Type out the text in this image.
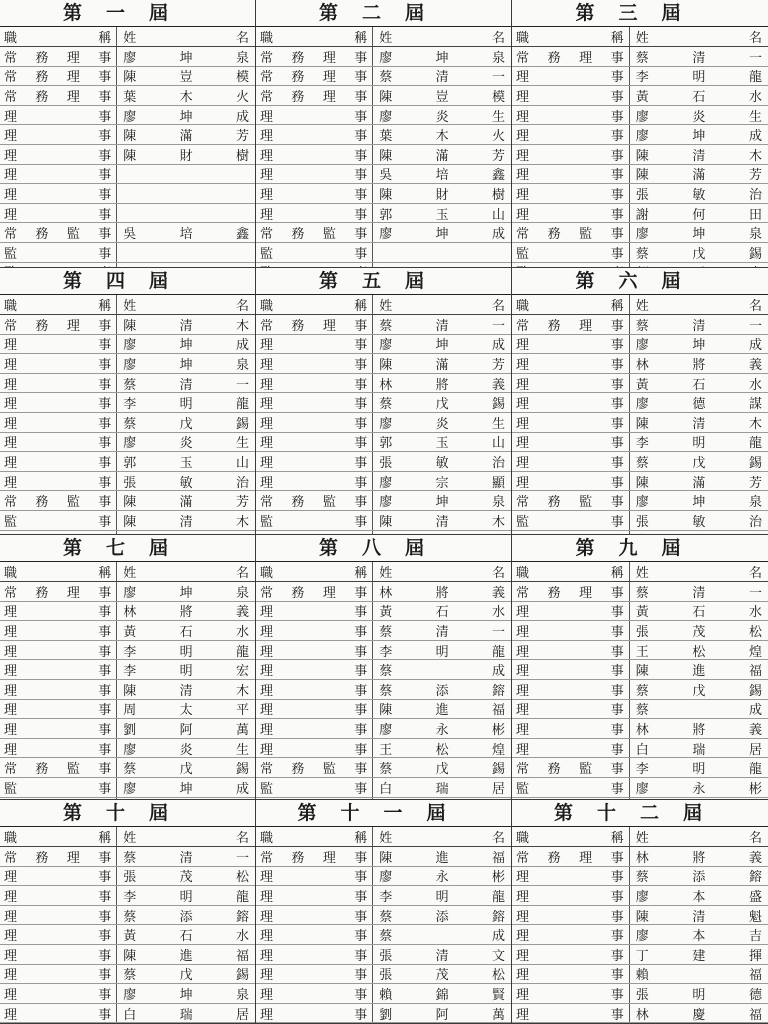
第一屆
職	稱 姓	名
常 務 理 事 廖	坤	泉
常 務 理 事 陳	豈	模
常 務 理 事 葉	木	火
理	事 廖	坤	成
理	事 陳	滿	芳
理	事 陳	財	樹
理	事
理	事
理	事
常 務 監 事 吳	培	鑫
監	事
第二屆
職	稱 姓	名
常 務 理 事 廖	坤	泉
常 務 理 事 蔡	清	一
常 務 理 事 陳	豈	模
理	事 廖	炎	生
理	事 葉	木	火
理	事 陳	滿	芳
理	事 吳	培	鑫
理	事 陳	財	樹
理	事 郭	玉	山
常 務 監 事 廖	坤	成
監	事
第三屆
職	稱 姓	名
常 務 理 事 蔡	清	一
理	事 李	明	龍
理	事 黃	石	水
理	事 廖	炎	生
理	事 廖	坤	成
理	事 陳	清	木
理	事 陳	滿	芳
理	事 張	敏	治
理	事 謝	何	田
常 務 監 事 廖	坤	泉
監	事 蔡	戊	錫
第四屆
職	稱 姓	名
常 務 理 事 陳	清	木
理	事 廖	坤	成
理	事 廖	坤	泉
理	事 蔡	清	一
理	事 李	明	龍
理	事 蔡	戊	錫
理	事 廖	炎	生
理	事 郭	玉	山
理	事 張	敏	治
常 務 監 事 陳	滿	芳
監	事 陳	清	木
第五屆
職	稱 姓	名
常 務 理 事 蔡	清	一
理	事 廖	坤	成
理	事 陳	滿	芳
理	事 林	將	義
理	事 蔡	戊	錫
理	事 廖	炎	生
理	事 郭	玉	山
理	事 張	敏	治
理	事 廖	宗	顯
常 務 監 事 廖	坤	泉
監	事 陳	清	木
第六屆
職	稱 姓	名
常 務 理 事 蔡	清	一
理	事 廖	坤	成
理	事 林	將	義
理	事 黃	石	水
理	事 廖	德	謀
理	事 陳	清	木
理	事 李	明	龍
理	事 蔡	戊	錫
理	事 陳	滿	芳
常 務 監 事 廖	坤	泉
監	事 張	敏	治
第七屆
職	稱 姓	名
常 務 理 事 廖	坤	泉
理	事 林	將	義
理	事 黃	石	水
理	事 李	明	龍
理	事 李	明	宏
理	事 陳	清	木
理	事 周	太	平
理	事 劉	阿	萬
理	事 廖	炎	生
常 務 監 事 蔡	戊	錫
監	事 廖	坤	成
第八屆
職	稱 姓	名
常 務 理 事 林	將	義
理	事 黃	石	水
理	事 蔡	清	一
理	事 李	明	龍
理	事 蔡	成
理	事 蔡	添	鎔
理	事 陳	進	福
理	事 廖	永	彬
理	事 王	松	煌
常 務 監 事 蔡	戊	錫
監	事 白	瑞	居
第九屆
職	稱 姓	名
常 務 理 事 蔡	清	一
理	事 黃	石	水
理	事 張	茂	松
理	事 王	松	煌
理	事 陳	進	福
理	事 蔡	戊	錫
理	事 蔡	成
理	事 林	將	義
理	事 白	瑞	居
常 務 監 事 李	明	龍
監	事 廖	永	彬
第十屆
職	稱 姓	名
常 務 理 事 蔡	清	一
理	事 張	茂	松
理	事 李	明	龍
理	事 蔡	添	鎔
理	事 黃	石	水
理	事 陳	進	福
理	事 蔡	戊	錫
理	事 廖	坤	泉
理	事 白	瑞	居
第十一屆
職	稱 姓	名
常 務 理 事 陳	進	福
理	事 廖	永	彬
理	事 李	明	龍
理	事 蔡	添	鎔
理	事 蔡	成
理	事 張	清	文
理	事 張	茂	松
理	事 賴	錦	賢
理	事 劉	阿	萬
第十二屆
職	稱 姓	名
常 務 理 事 林	將	義
理	事 蔡	添	鎔
理	事 廖	本	盛
理	事 陳	清	魁
理	事 廖	本	吉
理	事 丁	建	揮
理	事 賴	福
理	事 張	明	德
理	事 林	慶	福
